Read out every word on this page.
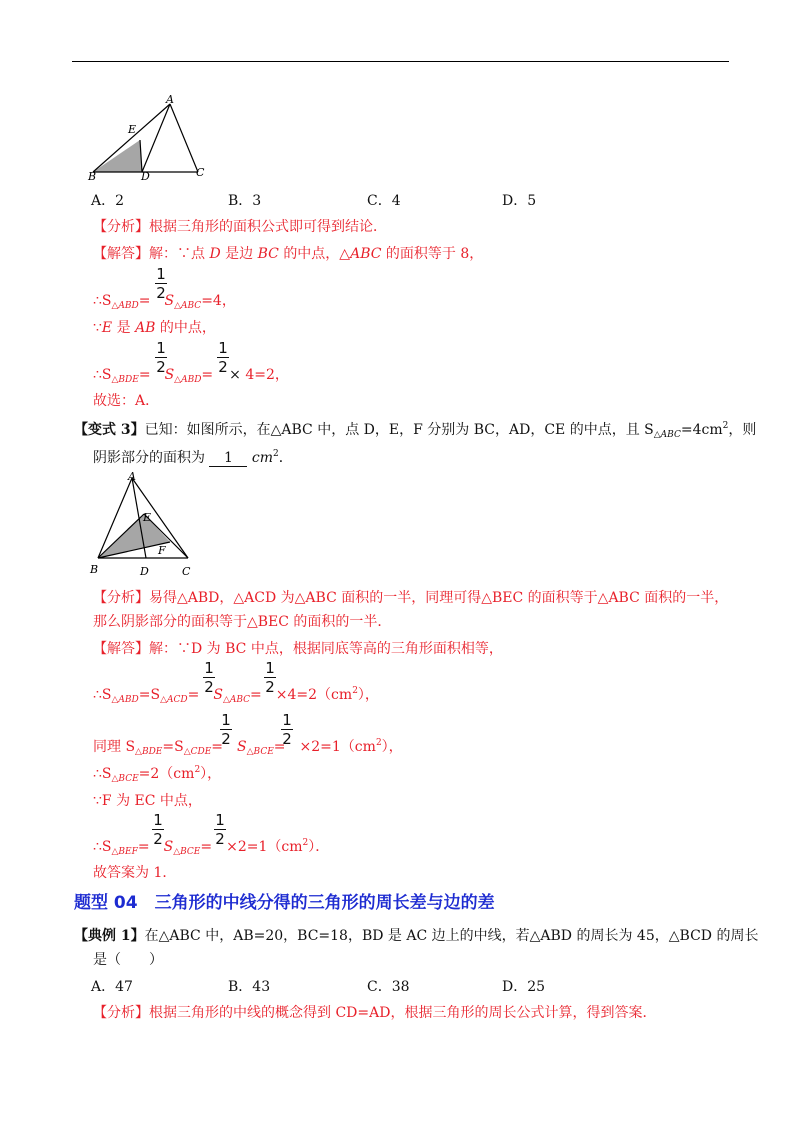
A
E
B	D	C
A．2	B．3	C．4	D．5
【分析】根据三角形的面积公式即可得到结论．
【解答】解：∵点 D 是边 BC 的中点，△ABC 的面积等于 8，
$\therefore S_{\triangle ABD}= S_{\triangle ABC}=4$，
1
2
∵E 是 AB 的中点，
$\therefore S_{\triangle BDE}= S_{\triangle ABD}= \times 4=2$，
1
2
1
2
故选：A．
【变式 3】已知：如图所示，在△ABC 中，点 D，E，F 分别为 BC，AD，CE 的中点，且 $S_{\triangle ABC}=4cm^2$，则
阴影部分的面积为 1 $cm^2$．
A
E
F
B	D	C
【分析】易得△ABD，△ACD 为△ABC 面积的一半，同理可得△BEC 的面积等于△ABC 面积的一半，
那么阴影部分的面积等于△BEC 的面积的一半．
【解答】解：∵D 为 BC 中点，根据同底等高的三角形面积相等，
$\therefore S_{\triangle ABD}=S_{\triangle ACD}= S_{\triangle ABC}= \times 4=2(cm^2)$，
1
2
1
2
同理 $S_{\triangle BDE}=S_{\triangle CDE}= S_{\triangle BCE}= \times 2=1(cm^2)$，
1
2
1
2
$\therefore S_{\triangle BCE}=2(cm^2)$，
∵F 为 EC 中点，
$\therefore S_{\triangle BEF}= S_{\triangle BCE}= \times 2=1(cm^2)$．
1
2
1
2
故答案为 1．
题型 04　三角形的中线分得的三角形的周长差与边的差
【典例 1】在△ABC 中，AB=20，BC=18，BD 是 AC 边上的中线，若△ABD 的周长为 45，△BCD 的周长
是（　　）
A．47	B．43	C．38	D．25
【分析】根据三角形的中线的概念得到 CD=AD，根据三角形的周长公式计算，得到答案．
